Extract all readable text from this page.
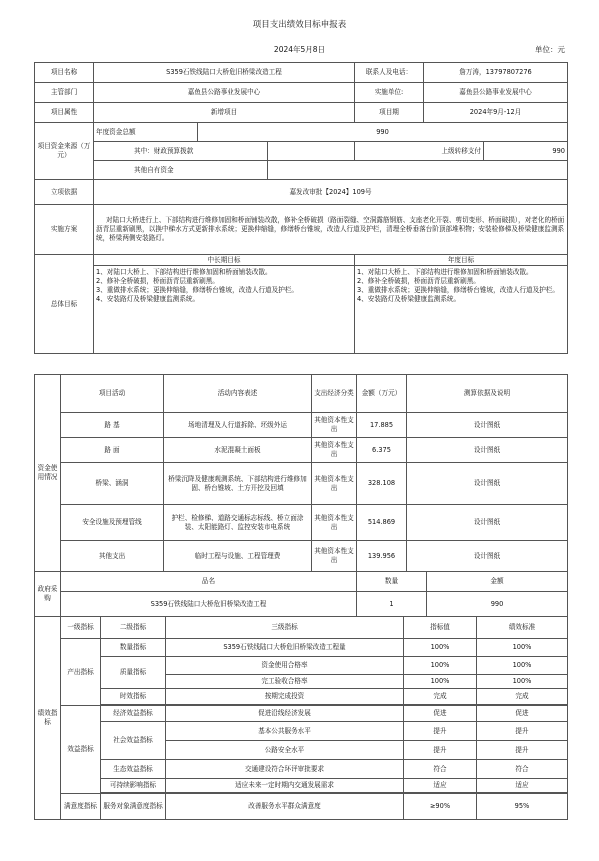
项目支出绩效目标申报表
2024年5月8日	单位：元
项目名称	S359石铁线陆口大桥危旧桥梁改造工程			联系人及电话：	詹万涛，13797807276	
主管部门	嘉鱼县公路事业发展中心			实施单位:	嘉鱼县公路事业发展中心	
项目属性	新增项目			项目期	2024年9月-12月	
项目资金来源（万元）	年度资金总额	990				
	其中：财政预算拨款			上级转移支付		990
	其他自有资金					
立项依据	嘉发改审批【2024】109号					
实施方案	对陆口大桥进行上、下部结构进行维修加固和桥面铺装改散，修补全桥破损（路面裂缝、空洞露筋钢筋、支座老化开裂、剪切变形、桥面破损），对老化的桥面沥青层重新刷黑，以换中梯水方式更新排水系统；更换伸缩缝，修缮桥台锥坡，改造人行道及护栏，清理全桥垂落台阶顶部堆积物；安装检修梯及桥梁健康监测系统，桥梁两侧安装路灯。					
总体目标	中长期目标			年度目标		
	1、对陆口大桥上、下部结构进行维修加固和桥面铺装改散。
2、修补全桥破损，桥面沥青层重新刷黑。
3、重做排水系统；更换伸缩缝，修缮桥台锥坡，改造人行道及护栏。
4、安装路灯及桥梁健康监测系统。			1、对陆口大桥上、下部结构进行维修加固和桥面铺装改散。
2、修补全桥破损，桥面沥青层重新刷黑。
3、重做排水系统；更换伸缩缝，修缮桥台锥坡，改造人行道及护栏。
4、安装路灯及桥梁健康监测系统。		
资金使用情况	项目活动	活动内容表述	支出经济分类	金额（万元）	测算依据及说明
	路 基	场地清理及人行道拆除、坯级外运	其他资本性支出	17.885	设计图纸
	路 面	水泥混凝土面板	其他资本性支出	6.375	设计图纸
	桥梁、涵洞	桥梁沉降及健康观测系统、下部结构进行维修加固、桥台锥坡、土方开挖及回填	其他资本性支出	328.108	设计图纸
	安全设施及预埋管线	护栏、检修梯、道路交通标志标线、桥立面涂装、太阳能路灯、监控安装市电系统	其他资本性支出	514.869	设计图纸
	其他支出	临时工程与设施、工程管理费	其他资本性支出	139.956	设计图纸
政府采购	品名	数量	金额
	S359石铁线陆口大桥危旧桥梁改造工程	1	990
绩效指标	一级指标	二级指标	三级指标	指标值	绩效标准
	产出指标	数量指标	S359石铁线陆口大桥危旧桥梁改造工程量	100%	100%
		质量指标	资金使用合格率	100%	100%
			完工验收合格率	100%	100%
		时效指标	按期完成投资	完成	完成

	效益指标	经济效益指标	促进沿线经济发展	促进	促进
		社会效益指标	基本公共服务水平	提升	提升
			公路安全水平	提升	提升
		生态效益指标	交通建设符合环评审批要求	符合	符合
		可持续影响指标	适应未来一定时期内交通发展需求	适应	适应

	满意度指标	服务对象满意度指标	改善服务水平群众满意度	≥90%	95%
